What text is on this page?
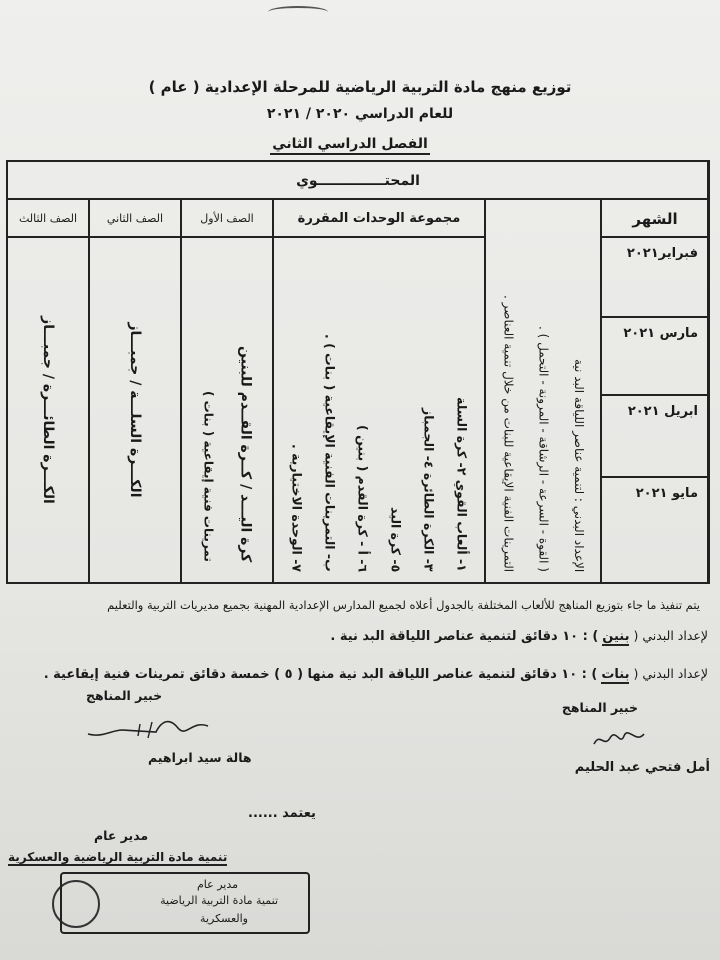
توزيع منهج مادة التربية الرياضية للمرحلة الإعدادية ( عام )
للعام الدراسي ٢٠٢٠ / ٢٠٢١
الفصل الدراسي الثاني
المحتــــــــــــــوي
الصف الثالث
الكـــرة الطائـــرة / جمبـــاز
الصف الثاني
الكـــرة السلـــة / جمبـــاز
الصف الأول
كرة اليـــد / كــرة القــدم للبنين
تمرينات فنية إيقاعية ( بنات )
مجموعة الوحدات المقررة
١- ألعاب القوي ٢- كرة السلة
٣- الكرة الطائرة ٤- الجمباز
٥- كرة اليد
٦- أ - كرة القدم ( بنين )
ب- التمرينات الفنية الإيقاعية ( بنات ) .
٧- الوحدة الاختيارية .	الإعداد البدني : لتنمية عناصر اللياقة البد نية
( القوة - السرعة - الرشاقة - المرونة - التحمل ) .
التمرينات الفنية الإيقاعية للبنات من خلال تنمية العناصر .
الشهر
فبراير٢٠٢١
مارس ٢٠٢١
ابريل ٢٠٢١
مايو ٢٠٢١
يتم تنفيذ ما جاء بتوزيع المناهج للألعاب المختلفة بالجدول أعلاه لجميع المدارس الإعدادية المهنية بجميع مديريات التربية والتعليم
لإعداد البدني ( بنين ) : ١٠ دقائق لتنمية عناصر اللياقة البد نية .
لإعداد البدني ( بنات ) : ١٠ دقائق لتنمية عناصر اللياقة البد نية منها ( ٥ ) خمسة دقائق تمرينات فنية إيقاعية .
خبير المناهج
أمل فتحي عبد الحليم
خبير المناهج
هالة سيد ابراهيم
يعتمد ......
مدير عام
تنمية مادة التربية الرياضية والعسكرية
مدير عام
تنمية مادة التربية الرياضية
والعسكرية
